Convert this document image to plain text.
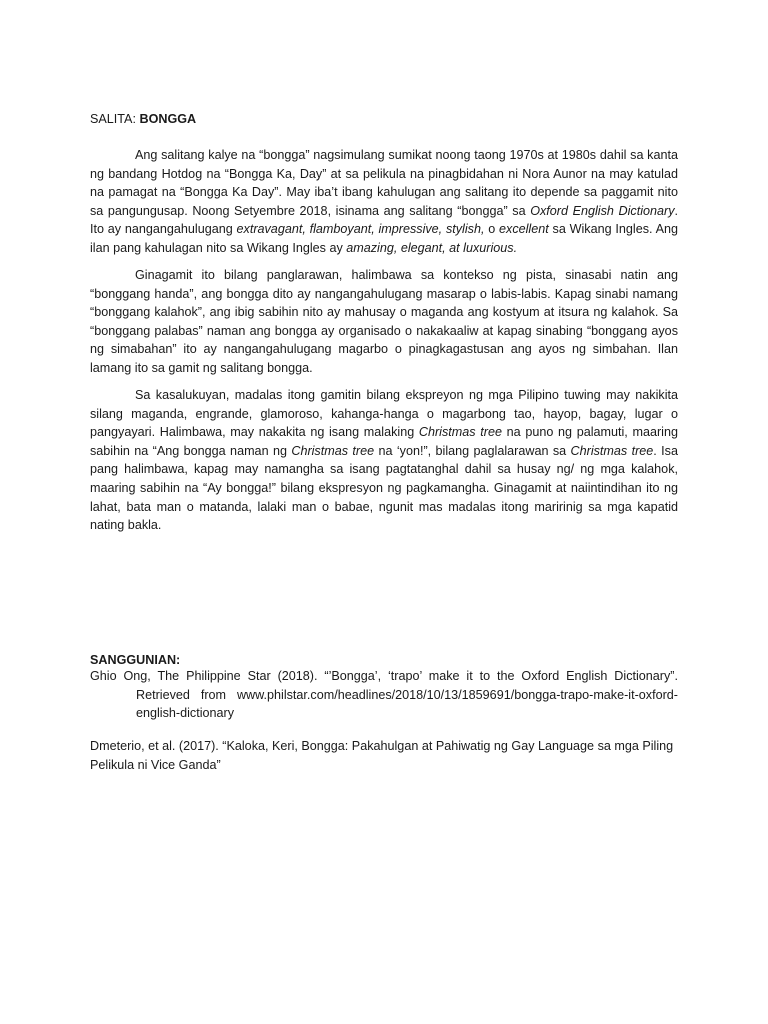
SALITA: BONGGA

Ang salitang kalye na “bongga” nagsimulang sumikat noong taong 1970s at 1980s dahil sa kanta ng bandang Hotdog na “Bongga Ka, Day” at sa pelikula na pinagbidahan ni Nora Aunor na may katulad na pamagat na “Bongga Ka Day”. May iba’t ibang kahulugan ang salitang ito depende sa paggamit nito sa pangungusap. Noong Setyembre 2018, isinama ang salitang “bongga” sa Oxford English Dictionary. Ito ay nangangahulugang extravagant, flamboyant, impressive, stylish, o excellent sa Wikang Ingles. Ang ilan pang kahulagan nito sa Wikang Ingles ay amazing, elegant, at luxurious.

Ginagamit ito bilang panglarawan, halimbawa sa kontekso ng pista, sinasabi natin ang “bonggang handa”, ang bongga dito ay nangangahulugang masarap o labis-labis. Kapag sinabi namang “bonggang kalahok”, ang ibig sabihin nito ay mahusay o maganda ang kostyum at itsura ng kalahok. Sa “bonggang palabas” naman ang bongga ay organisado o nakakaaliw at kapag sinabing “bonggang ayos ng simabahan” ito ay nangangahulugang magarbo o pinagkagastusan ang ayos ng simbahan. Ilan lamang ito sa gamit ng salitang bongga.

Sa kasalukuyan, madalas itong gamitin bilang ekspreyon ng mga Pilipino tuwing may nakikita silang maganda, engrande, glamoroso, kahanga-hanga o magarbong tao, hayop, bagay, lugar o pangyayari. Halimbawa, may nakakita ng isang malaking Christmas tree na puno ng palamuti, maaring sabihin na “Ang bongga naman ng Christmas tree na ‘yon!”, bilang paglalarawan sa Christmas tree. Isa pang halimbawa, kapag may namangha sa isang pagtatanghal dahil sa husay ng/ ng mga kalahok, maaring sabihin na “Ay bongga!” bilang ekspresyon ng pagkamangha. Ginagamit at naiintindihan ito ng lahat, bata man o matanda, lalaki man o babae, ngunit mas madalas itong maririnig sa mga kapatid nating bakla.

SANGGUNIAN:

Ghio Ong, The Philippine Star (2018). “’Bongga’, ‘trapo’ make it to the Oxford English Dictionary”. Retrieved from www.philstar.com/headlines/2018/10/13/1859691/bongga-trapo-make-it-oxford-english-dictionary

Dmeterio, et al. (2017). “Kaloka, Keri, Bongga: Pakahulgan at Pahiwatig ng Gay Language sa mga Piling Pelikula ni Vice Ganda”
